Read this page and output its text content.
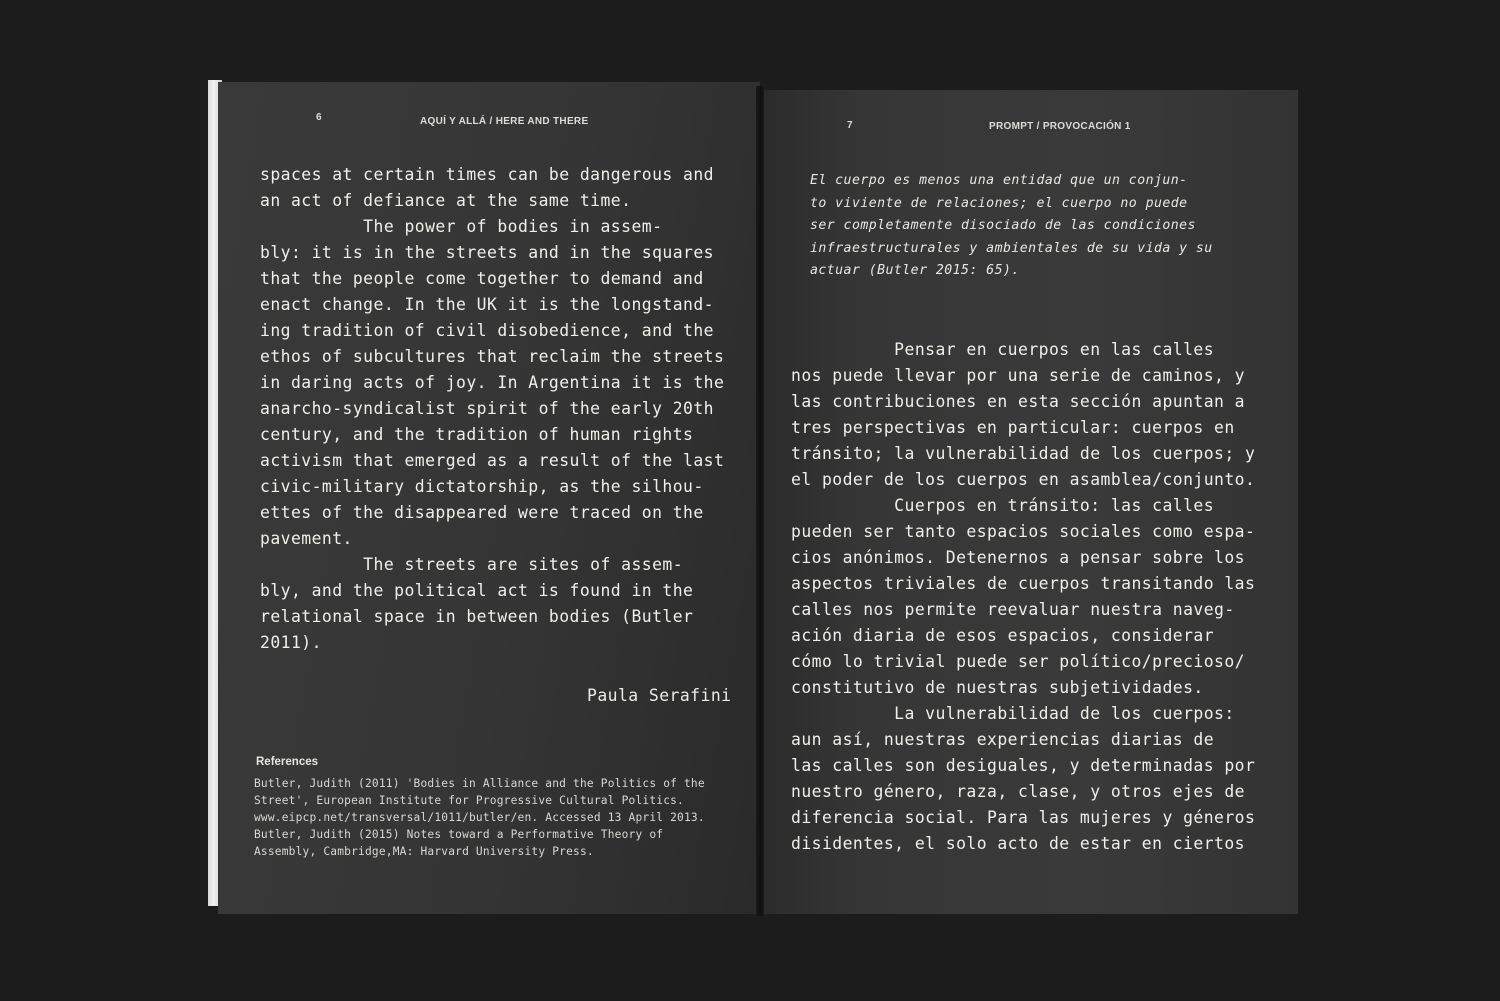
6	AQUÍ Y ALLÁ / HERE AND THERE
spaces at certain times can be dangerous and
an act of defiance at the same time.
The power of bodies in assem-
bly: it is in the streets and in the squares
that the people come together to demand and
enact change. In the UK it is the longstand-
ing tradition of civil disobedience, and the
ethos of subcultures that reclaim the streets
in daring acts of joy. In Argentina it is the
anarcho-syndicalist spirit of the early 20th
century, and the tradition of human rights
activism that emerged as a result of the last
civic-military dictatorship, as the silhou-
ettes of the disappeared were traced on the
pavement.
The streets are sites of assem-
bly, and the political act is found in the
relational space in between bodies (Butler
2011).
Paula Serafini
References
Butler, Judith (2011) 'Bodies in Alliance and the Politics of the
Street', European Institute for Progressive Cultural Politics.
www.eipcp.net/transversal/1011/butler/en. Accessed 13 April 2013.
Butler, Judith (2015) Notes toward a Performative Theory of
Assembly, Cambridge,MA: Harvard University Press.
7	PROMPT / PROVOCACIÓN 1
El cuerpo es menos una entidad que un conjun-
to viviente de relaciones; el cuerpo no puede
ser completamente disociado de las condiciones
infraestructurales y ambientales de su vida y su
actuar (Butler 2015: 65).
Pensar en cuerpos en las calles
nos puede llevar por una serie de caminos, y
las contribuciones en esta sección apuntan a
tres perspectivas en particular: cuerpos en
tránsito; la vulnerabilidad de los cuerpos; y
el poder de los cuerpos en asamblea/conjunto.
Cuerpos en tránsito: las calles
pueden ser tanto espacios sociales como espa-
cios anónimos. Detenernos a pensar sobre los
aspectos triviales de cuerpos transitando las
calles nos permite reevaluar nuestra naveg-
ación diaria de esos espacios, considerar
cómo lo trivial puede ser político/precioso/
constitutivo de nuestras subjetividades.
La vulnerabilidad de los cuerpos:
aun así, nuestras experiencias diarias de
las calles son desiguales, y determinadas por
nuestro género, raza, clase, y otros ejes de
diferencia social. Para las mujeres y géneros
disidentes, el solo acto de estar en ciertos
